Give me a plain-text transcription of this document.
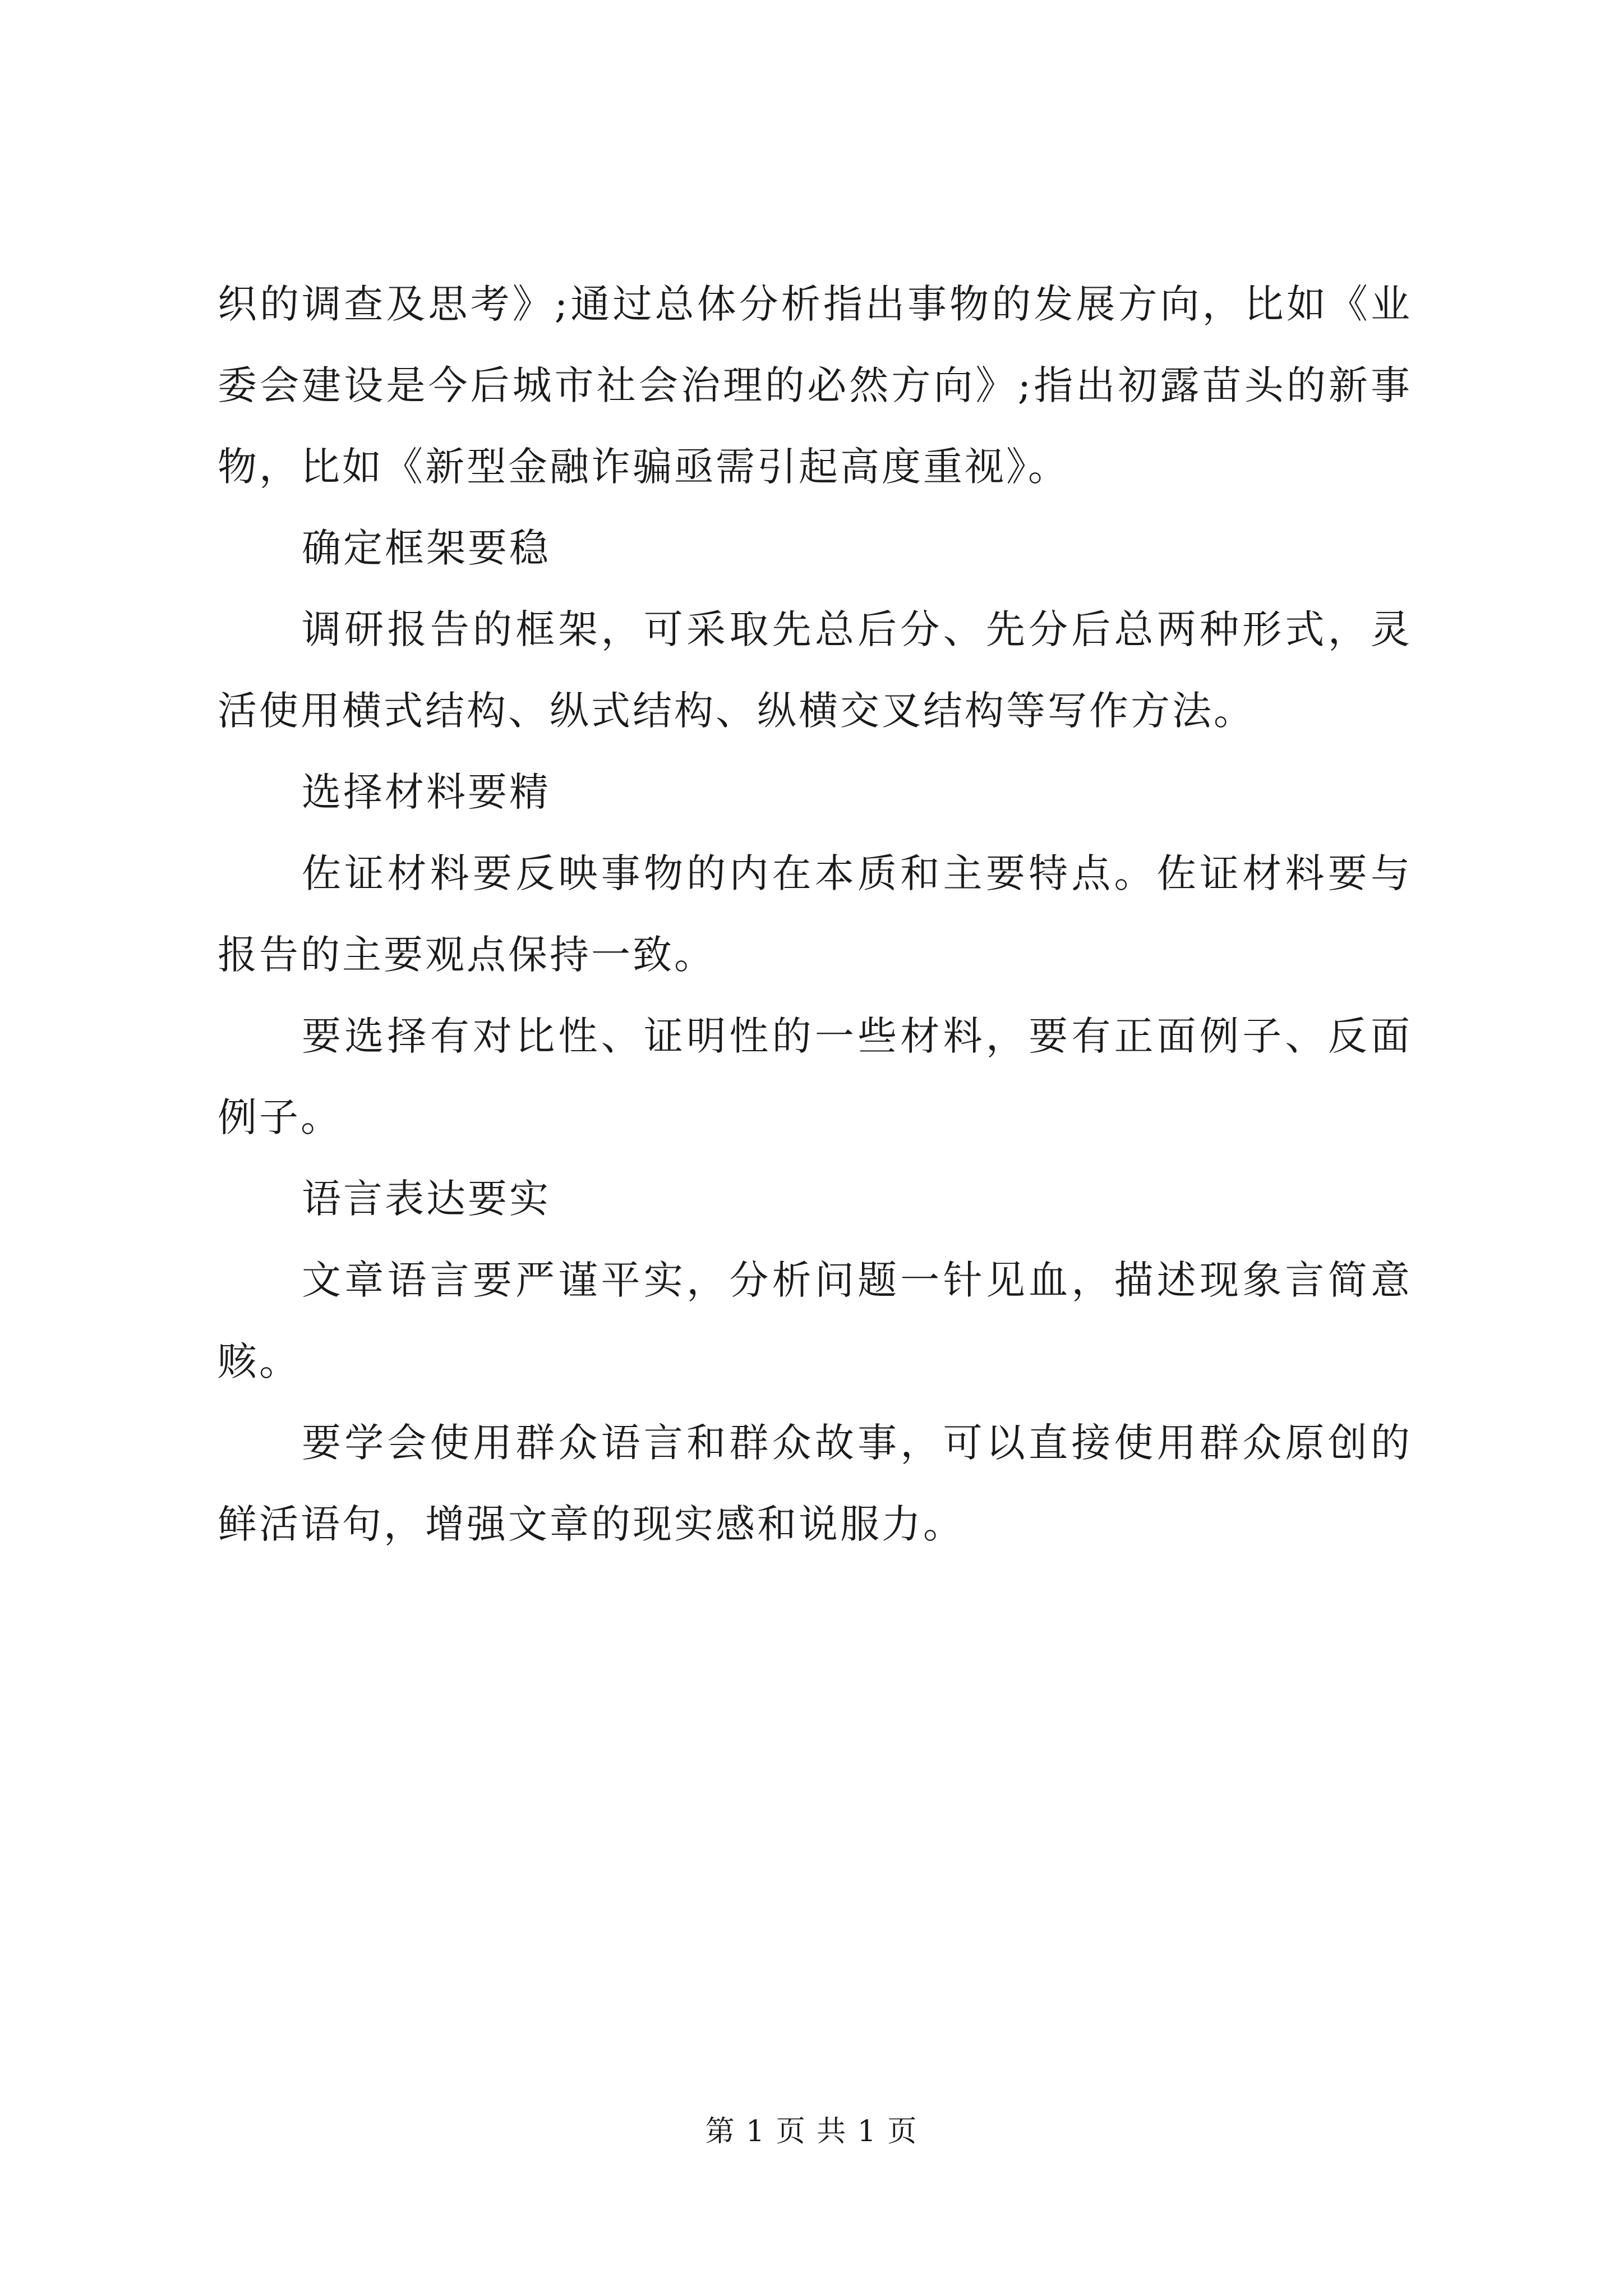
织的调查及思考》;通过总体分析指出事物的发展方向，比如《业委会建设是今后城市社会治理的必然方向》;指出初露苗头的新事物，比如《新型金融诈骗亟需引起高度重视》。

确定框架要稳

调研报告的框架，可采取先总后分、先分后总两种形式，灵活使用横式结构、纵式结构、纵横交叉结构等写作方法。

选择材料要精

佐证材料要反映事物的内在本质和主要特点。佐证材料要与报告的主要观点保持一致。

要选择有对比性、证明性的一些材料，要有正面例子、反面例子。

语言表达要实

文章语言要严谨平实，分析问题一针见血，描述现象言简意赅。

要学会使用群众语言和群众故事，可以直接使用群众原创的鲜活语句，增强文章的现实感和说服力。

第 1 页 共 1 页
